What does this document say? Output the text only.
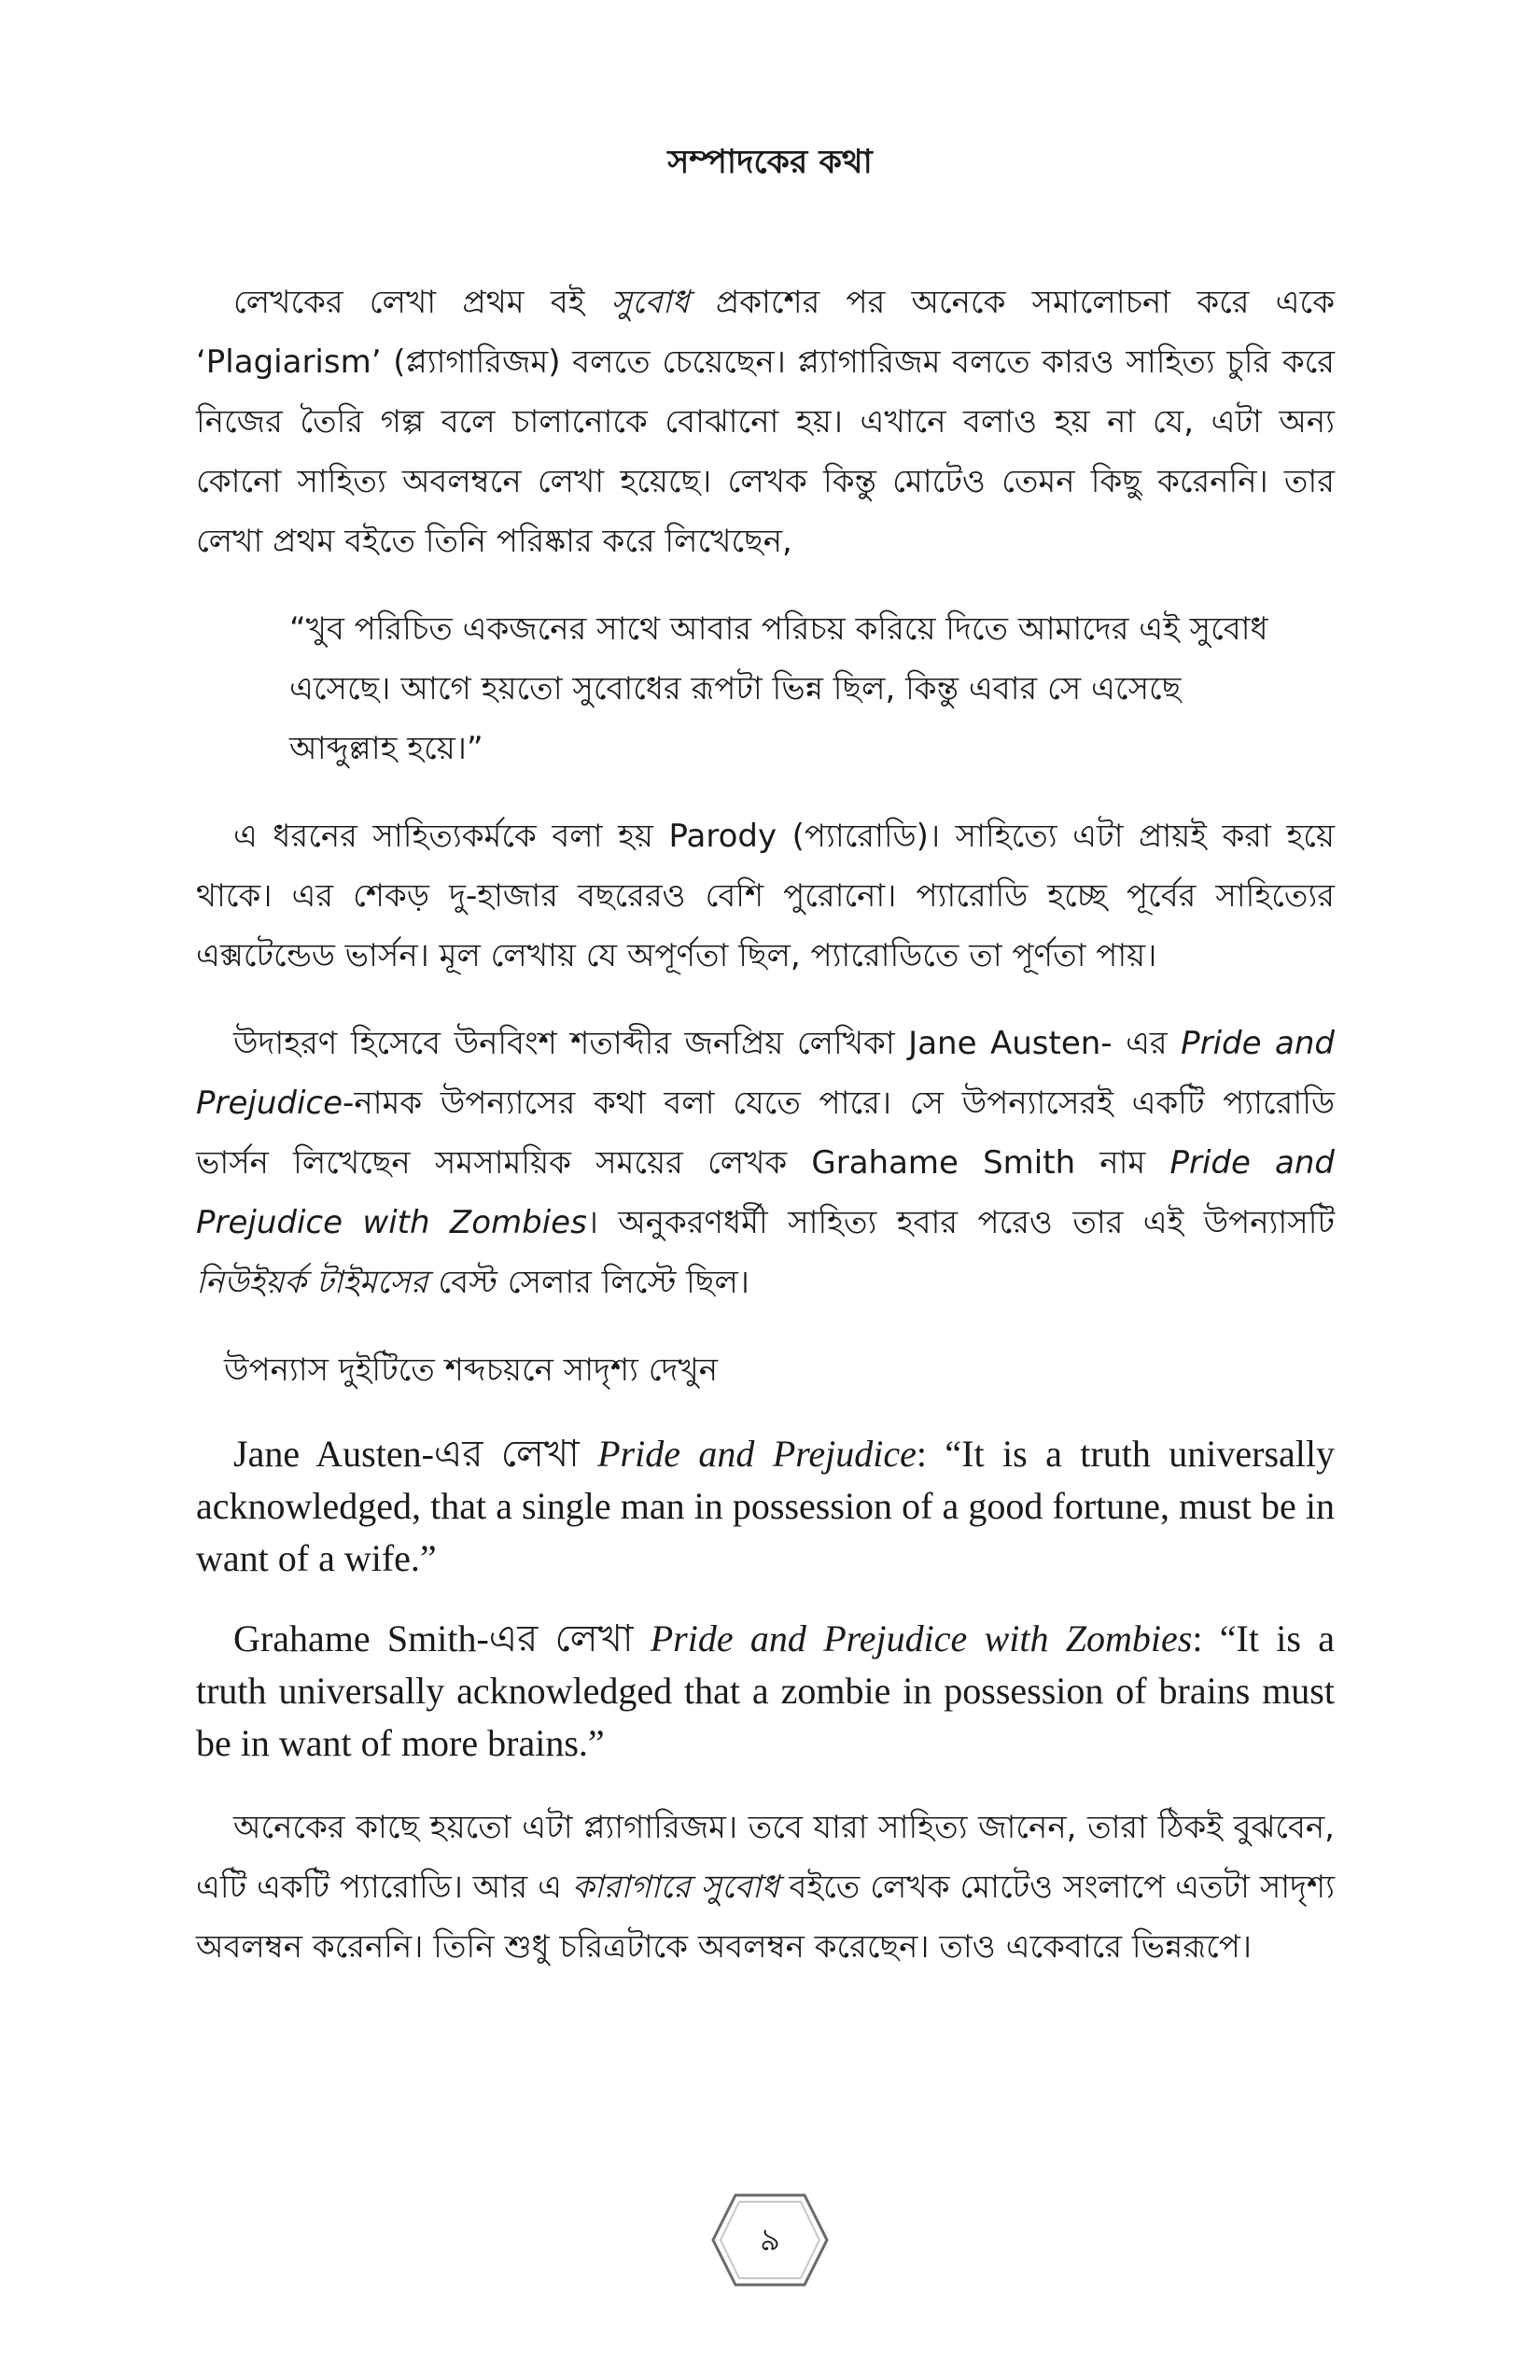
সম্পাদকের কথা

লেখকের লেখা প্রথম বই সুবোধ প্রকাশের পর অনেকে সমালোচনা করে একে ‘Plagiarism’ (প্ল্যাগারিজম) বলতে চেয়েছেন। প্ল্যাগারিজম বলতে কারও সাহিত্য চুরি করে নিজের তৈরি গল্প বলে চালানোকে বোঝানো হয়। এখানে বলাও হয় না যে, এটা অন্য কোনো সাহিত্য অবলম্বনে লেখা হয়েছে। লেখক কিন্তু মোটেও তেমন কিছু করেননি। তার লেখা প্রথম বইতে তিনি পরিষ্কার করে লিখেছেন,

“খুব পরিচিত একজনের সাথে আবার পরিচয় করিয়ে দিতে আমাদের এই সুবোধ এসেছে। আগে হয়তো সুবোধের রূপটা ভিন্ন ছিল, কিন্তু এবার সে এসেছে আব্দুল্লাহ হয়ে।”

এ ধরনের সাহিত্যকর্মকে বলা হয় Parody (প্যারোডি)। সাহিত্যে এটা প্রায়ই করা হয়ে থাকে। এর শেকড় দু-হাজার বছরেরও বেশি পুরোনো। প্যারোডি হচ্ছে পূর্বের সাহিত্যের এক্সটেন্ডেড ভার্সন। মূল লেখায় যে অপূর্ণতা ছিল, প্যারোডিতে তা পূর্ণতা পায়।

উদাহরণ হিসেবে উনবিংশ শতাব্দীর জনপ্রিয় লেখিকা Jane Austen- এর Pride and Prejudice-নামক উপন্যাসের কথা বলা যেতে পারে। সে উপন্যাসেরই একটি প্যারোডি ভার্সন লিখেছেন সমসাময়িক সময়ের লেখক Grahame Smith নাম Pride and Prejudice with Zombies। অনুকরণধর্মী সাহিত্য হবার পরেও তার এই উপন্যাসটি নিউইয়র্ক টাইমসের বেস্ট সেলার লিস্টে ছিল।

উপন্যাস দুইটিতে শব্দচয়নে সাদৃশ্য দেখুন

Jane Austen-এর লেখা Pride and Prejudice: “It is a truth universally acknowledged, that a single man in possession of a good fortune, must be in want of a wife.”

Grahame Smith-এর লেখা Pride and Prejudice with Zombies: “It is a truth universally acknowledged that a zombie in possession of brains must be in want of more brains.”

অনেকের কাছে হয়তো এটা প্ল্যাগারিজম। তবে যারা সাহিত্য জানেন, তারা ঠিকই বুঝবেন, এটি একটি প্যারোডি। আর এ কারাগারে সুবোধ বইতে লেখক মোটেও সংলাপে এতটা সাদৃশ্য অবলম্বন করেননি। তিনি শুধু চরিত্রটাকে অবলম্বন করেছেন। তাও একেবারে ভিন্নরূপে।

৯
